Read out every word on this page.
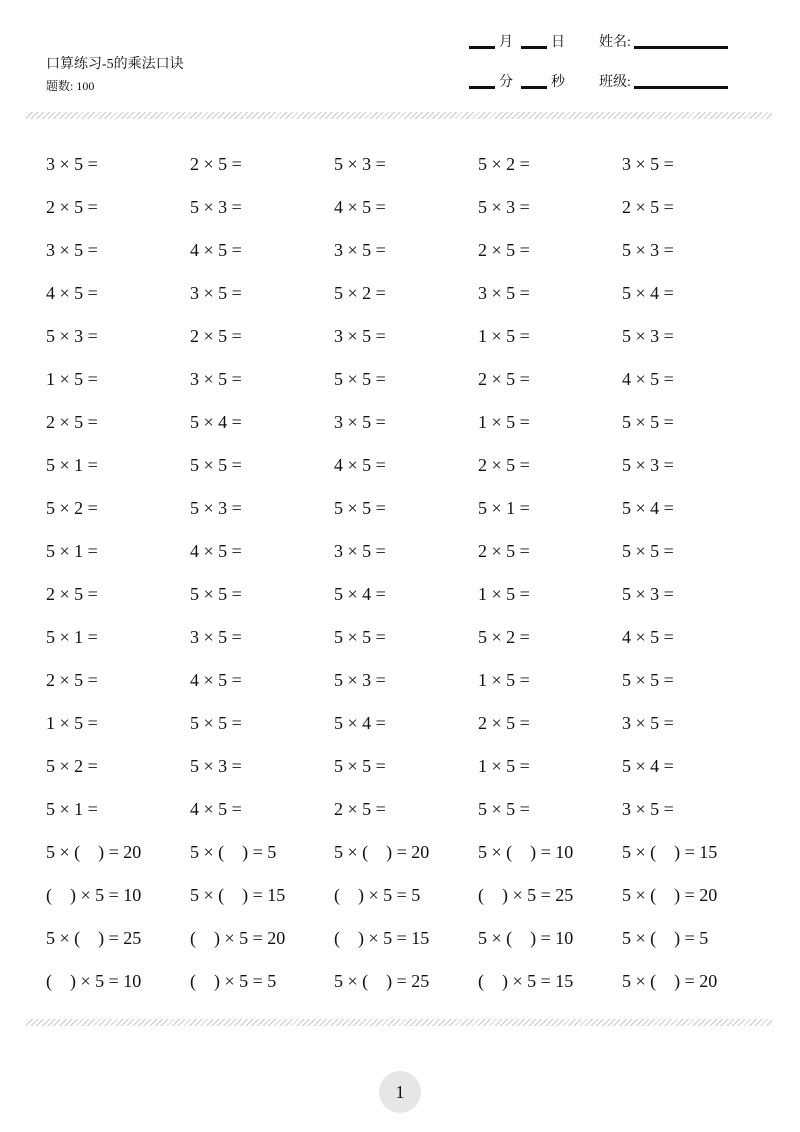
口算练习-5的乘法口诀
题数: 100
月	日 姓名:
分	秒 班级:
3 × 5 =	2 × 5 =	5 × 3 =	5 × 2 =	3 × 5 =
2 × 5 =	5 × 3 =	4 × 5 =	5 × 3 =	2 × 5 =
3 × 5 =	4 × 5 =	3 × 5 =	2 × 5 =	5 × 3 =
4 × 5 =	3 × 5 =	5 × 2 =	3 × 5 =	5 × 4 =
5 × 3 =	2 × 5 =	3 × 5 =	1 × 5 =	5 × 3 =
1 × 5 =	3 × 5 =	5 × 5 =	2 × 5 =	4 × 5 =
2 × 5 =	5 × 4 =	3 × 5 =	1 × 5 =	5 × 5 =
5 × 1 =	5 × 5 =	4 × 5 =	2 × 5 =	5 × 3 =
5 × 2 =	5 × 3 =	5 × 5 =	5 × 1 =	5 × 4 =
5 × 1 =	4 × 5 =	3 × 5 =	2 × 5 =	5 × 5 =
2 × 5 =	5 × 5 =	5 × 4 =	1 × 5 =	5 × 3 =
5 × 1 =	3 × 5 =	5 × 5 =	5 × 2 =	4 × 5 =
2 × 5 =	4 × 5 =	5 × 3 =	1 × 5 =	5 × 5 =
1 × 5 =	5 × 5 =	5 × 4 =	2 × 5 =	3 × 5 =
5 × 2 =	5 × 3 =	5 × 5 =	1 × 5 =	5 × 4 =
5 × 1 =	4 × 5 =	2 × 5 =	5 × 5 =	3 × 5 =
5 × (    ) = 20	5 × (    ) = 5	5 × (    ) = 20	5 × (    ) = 10	5 × (    ) = 15
(    ) × 5 = 10	5 × (    ) = 15	(    ) × 5 = 5	(    ) × 5 = 25	5 × (    ) = 20
5 × (    ) = 25	(    ) × 5 = 20	(    ) × 5 = 15	5 × (    ) = 10	5 × (    ) = 5
(    ) × 5 = 10	(    ) × 5 = 5	5 × (    ) = 25	(    ) × 5 = 15	5 × (    ) = 20
1
